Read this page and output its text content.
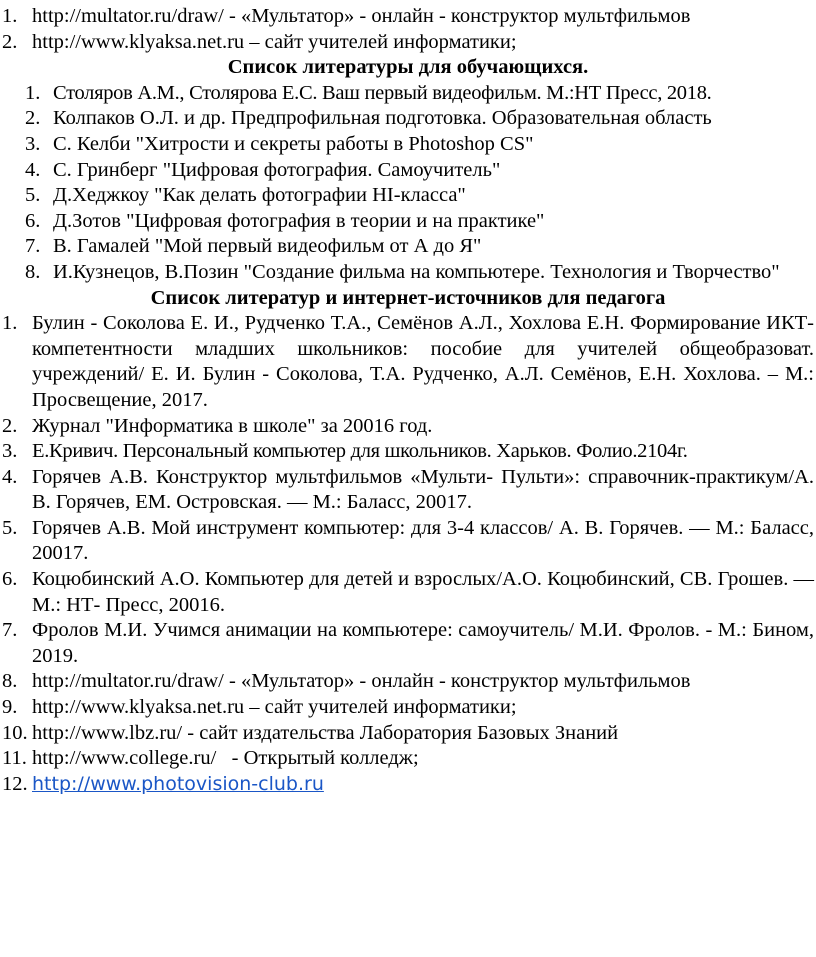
1. http://multator.ru/draw/ - «Мультатор» - онлайн - конструктор мультфильмов
2. http://www.klyaksa.net.ru – сайт учителей информатики;
Список литературы для обучающихся.
1. Столяров А.М., Столярова Е.С. Ваш первый видеофильм. М.:НТ Пресс, 2018.
2. Колпаков О.Л. и др. Предпрофильная подготовка. Образовательная область
3. С. Келби "Хитрости и секреты работы в Photoshop CS"
4. С. Гринберг "Цифровая фотография. Самоучитель"
5. Д.Хеджкоу "Как делать фотографии HI-класса"
6. Д.Зотов "Цифровая фотография в теории и на практике"
7. В. Гамалей "Мой первый видеофильм от А до Я"
8. И.Кузнецов, В.Позин "Создание фильма на компьютере. Технология и Творчество"
Список литератур и интернет-источников для педагога
1. Булин - Соколова Е. И., Рудченко Т.А., Семёнов А.Л., Хохлова Е.Н. Формирование ИКТ- компетентности младших школьников: пособие для учителей общеобразоват. учреждений/ Е. И. Булин - Соколова, Т.А. Рудченко, А.Л. Семёнов, Е.Н. Хохлова. – М.: Просвещение, 2017.
2. Журнал "Информатика в школе" за 20016 год.
3. Е.Кривич. Персональный компьютер для школьников. Харьков. Фолио.2104г.
4. Горячев А.В. Конструктор мультфильмов «Мульти- Пульти»: справочник-практикум/А. В. Горячев, ЕМ. Островская. — М.: Баласс, 20017.
5. Горячев А.В. Мой инструмент компьютер: для 3-4 классов/ А. В. Горячев. — М.: Баласс, 20017.
6. Коцюбинский А.О. Компьютер для детей и взрослых/А.О. Коцюбинский, СВ. Грошев. — М.: НТ- Пресс, 20016.
7. Фролов М.И. Учимся анимации на компьютере: самоучитель/ М.И. Фролов. - М.: Бином, 2019.
8. http://multator.ru/draw/ - «Мультатор» - онлайн - конструктор мультфильмов
9. http://www.klyaksa.net.ru – сайт учителей информатики;
10. http://www.lbz.ru/ - сайт издательства Лаборатория Базовых Знаний
11. http://www.college.ru/   - Открытый колледж;
12. http://www.photovision-club.ru
